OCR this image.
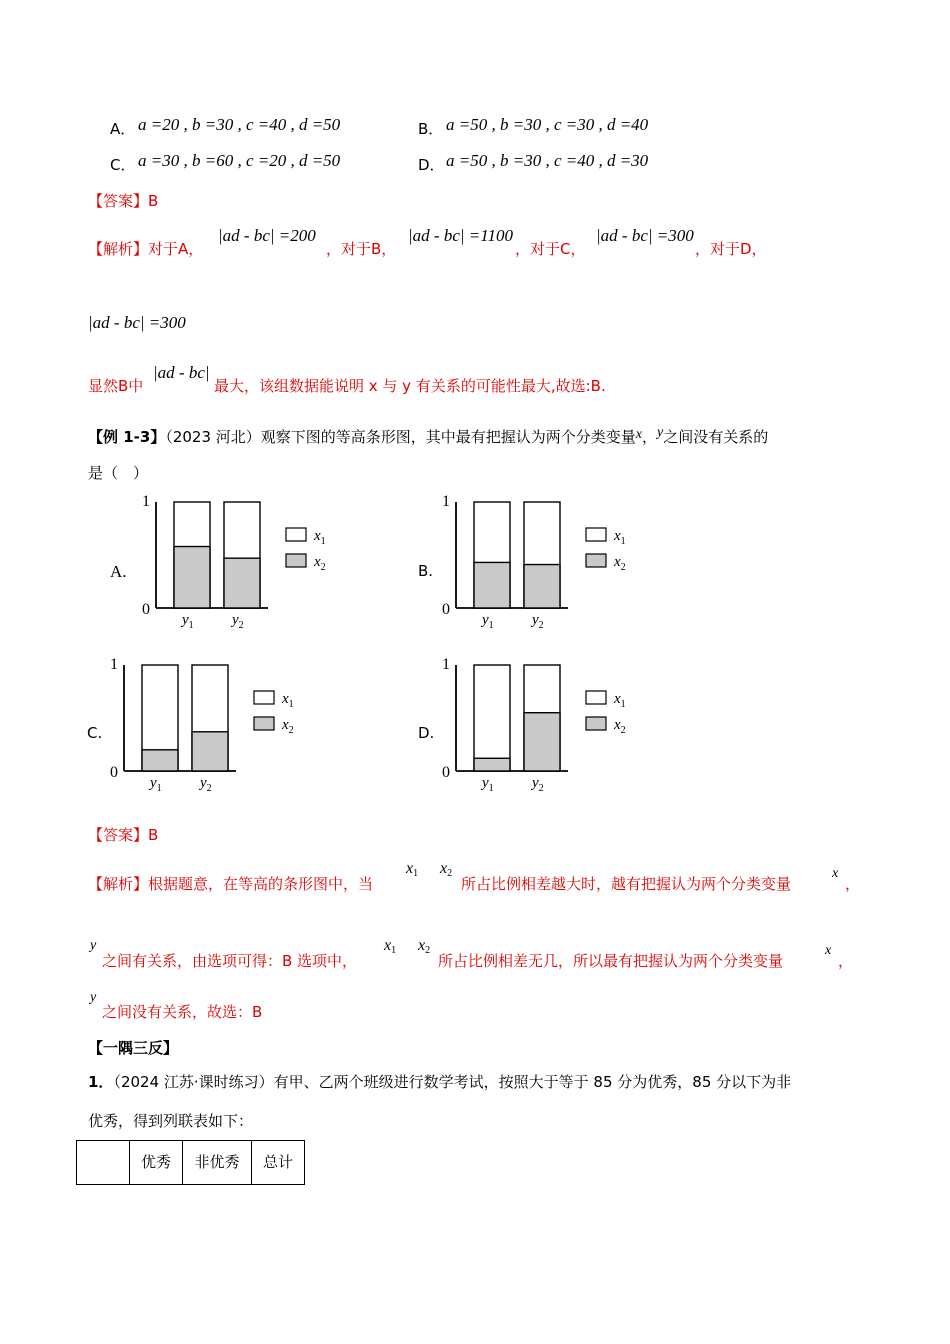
A． a =20 , b =30 , c =40 , d =50	B． a =50 , b =30 , c =30 , d =40
C． a =30 , b =60 , c =20 , d =50	D． a =50 , b =30 , c =40 , d =30
【答案】B
【解析】对于A，
|ad - bc| =200
，对于B，
|ad - bc| =1100
，对于C，
|ad - bc| =300
，对于D，
|ad - bc| =300
显然B中
|ad - bc|
最大，该组数据能说明 x 与 y 有关系的可能性最大,故选:B.
【例 1-3】（2023 河北）观察下图的等高条形图，其中最有把握认为两个分类变量x，y之间没有关系的
是（　）
A.	B.
C.	D.
1
0
$y_1$	$y_2$
$x_1$
$x_2$
1
0
$y_1$	$y_2$
$x_1$
$x_2$
1
0
$y_1$	$y_2$
$x_1$
$x_2$
1
0
$y_1$	$y_2$
$x_1$
$x_2$
【答案】B
【解析】根据题意，在等高的条形图中，当
$x_1$ $x_2$
所占比例相差越大时，越有把握认为两个分类变量
x
，
y
之间有关系，由选项可得：B 选项中，
$x_1$ $x_2$
所占比例相差无几，所以最有把握认为两个分类变量
x
，
y
之间没有关系，故选：B
【一隅三反】
1．（2024 江苏·课时练习）有甲、乙两个班级进行数学考试，按照大于等于 85 分为优秀，85 分以下为非
优秀，得到列联表如下：
	优秀	非优秀	总计
